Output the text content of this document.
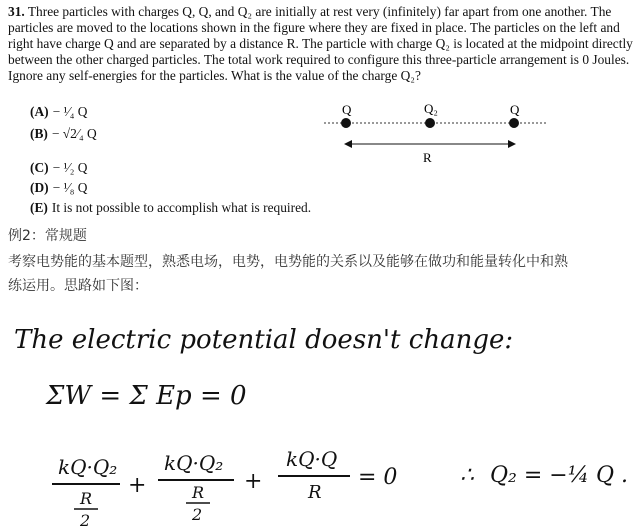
31. Three particles with charges Q, Q, and Q₂ are initially at rest very (infinitely) far apart from one another. The particles are moved to the locations shown in the figure where they are fixed in place. The particles on the left and right have charge Q and are separated by a distance R. The particle with charge Q₂ is located at the midpoint directly between the other charged particles. The total work required to configure this three-particle arrangement is 0 Joules. Ignore any self-energies for the particles. What is the value of the charge Q₂?
(A) − ¹⁄₄ Q
(B) − √2⁄₄ Q
(C) − ¹⁄₂ Q
(D) − ¹⁄₈ Q
(E) It is not possible to accomplish what is required.
Q	Q₂	Q
R
例2：常规题
考察电势能的基本题型，熟悉电场，电势，电势能的关系以及能够在做功和能量转化中和熟
练运用。思路如下图：
The electric potential doesn't change:
ΣW = Σ Ep = 0
kQ·Q₂
R
2
+
kQ·Q₂
R
2
+
kQ·Q
R
= 0	∴ Q₂ = −¼ Q .
